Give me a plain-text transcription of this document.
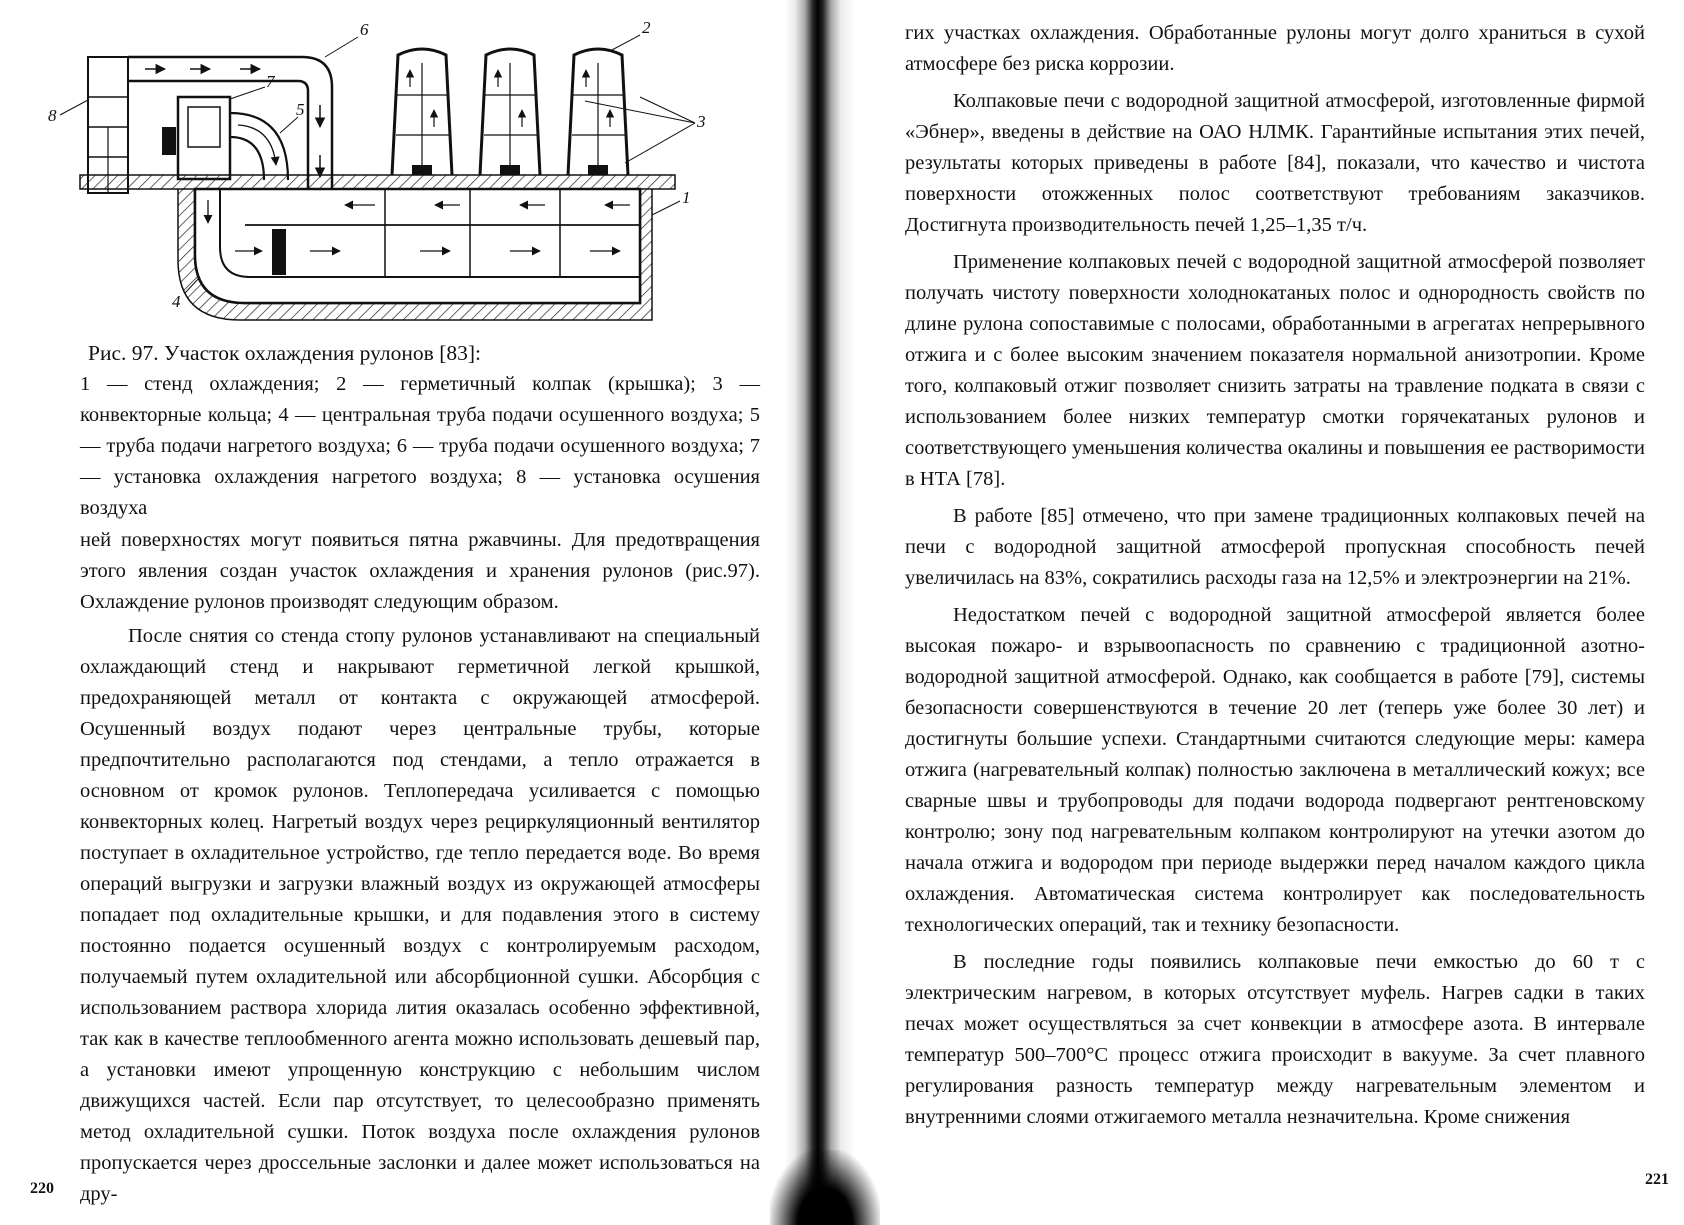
8
6
7
5
2
3
1
4
Рис. 97. Участок охлаждения рулонов [83]:
1 — стенд охлаждения; 2 — герметичный колпак (крышка); 3 — конвекторные кольца; 4 — центральная труба подачи осушенного воздуха; 5 — труба подачи нагретого воздуха; 6 — труба подачи осушенного воздуха; 7 — установка охлаждения нагретого воздуха; 8 — установка осушения воздуха

ней поверхностях могут появиться пятна ржавчины. Для предотвращения этого явления создан участок охлаждения и хранения рулонов (рис.97). Охлаждение рулонов производят следующим образом.

После снятия со стенда стопу рулонов устанавливают на специальный охлаждающий стенд и накрывают герметичной легкой крышкой, предохраняющей металл от контакта с окружающей атмосферой. Осушенный воздух подают через центральные трубы, которые предпочтительно располагаются под стендами, а тепло отражается в основном от кромок рулонов. Теплопередача усиливается с помощью конвекторных колец. Нагретый воздух через рециркуляционный вентилятор поступает в охладительное устройство, где тепло передается воде. Во время операций выгрузки и загрузки влажный воздух из окружающей атмосферы попадает под охладительные крышки, и для подавления этого в систему постоянно подается осушенный воздух с контролируемым расходом, получаемый путем охладительной или абсорбционной сушки. Абсорбция с использованием раствора хлорида лития оказалась особенно эффективной, так как в качестве теплообменного агента можно использовать дешевый пар, а установки имеют упрощенную конструкцию с небольшим числом движущихся частей. Если пар отсутствует, то целесообразно применять метод охладительной сушки. Поток воздуха после охлаждения рулонов пропускается через дроссельные заслонки и далее может использоваться на дру-

220

гих участках охлаждения. Обработанные рулоны могут долго храниться в сухой атмосфере без риска коррозии.

Колпаковые печи с водородной защитной атмосферой, изготовленные фирмой «Эбнер», введены в действие на ОАО НЛМК. Гарантийные испытания этих печей, результаты которых приведены в работе [84], показали, что качество и чистота поверхности отожженных полос соответствуют требованиям заказчиков. Достигнута производительность печей 1,25–1,35 т/ч.

Применение колпаковых печей с водородной защитной атмосферой позволяет получать чистоту поверхности холоднокатаных полос и однородность свойств по длине рулона сопоставимые с полосами, обработанными в агрегатах непрерывного отжига и с более высоким значением показателя нормальной анизотропии. Кроме того, колпаковый отжиг позволяет снизить затраты на травление подката в связи с использованием более низких температур смотки горячекатаных рулонов и соответствующего уменьшения количества окалины и повышения ее растворимости в НТА [78].

В работе [85] отмечено, что при замене традиционных колпаковых печей на печи с водородной защитной атмосферой пропускная способность печей увеличилась на 83%, сократились расходы газа на 12,5% и электроэнергии на 21%.

Недостатком печей с водородной защитной атмосферой является более высокая пожаро- и взрывоопасность по сравнению с традиционной азотно-водородной защитной атмосферой. Однако, как сообщается в работе [79], системы безопасности совершенствуются в течение 20 лет (теперь уже более 30 лет) и достигнуты большие успехи. Стандартными считаются следующие меры: камера отжига (нагревательный колпак) полностью заключена в металлический кожух; все сварные швы и трубопроводы для подачи водорода подвергают рентгеновскому контролю; зону под нагревательным колпаком контролируют на утечки азотом до начала отжига и водородом при периоде выдержки перед началом каждого цикла охлаждения. Автоматическая система контролирует как последовательность технологических операций, так и технику безопасности.

В последние годы появились колпаковые печи емкостью до 60 т с электрическим нагревом, в которых отсутствует муфель. Нагрев садки в таких печах может осуществляться за счет конвекции в атмосфере азота. В интервале температур 500–700°С процесс отжига происходит в вакууме. За счет плавного регулирования разность температур между нагревательным элементом и внутренними слоями отжигаемого металла незначительна. Кроме снижения

221
